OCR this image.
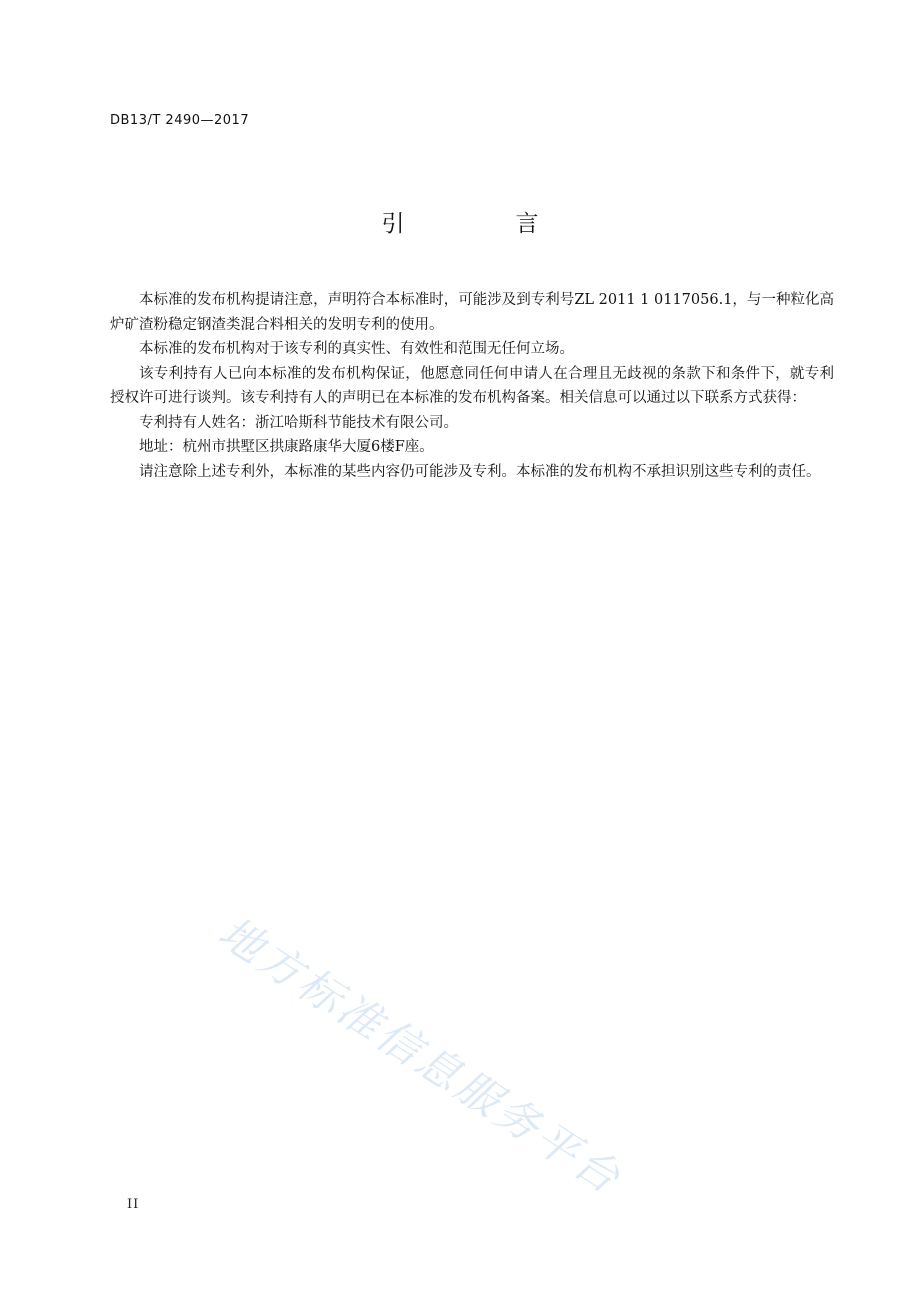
地方标准信息服务平台
DB13/T 2490—2017
引　言

本标准的发布机构提请注意，声明符合本标准时，可能涉及到专利号ZL 2011 1 0117056.1，与一种粒化高炉矿渣粉稳定钢渣类混合料相关的发明专利的使用。

本标准的发布机构对于该专利的真实性、有效性和范围无任何立场。

该专利持有人已向本标准的发布机构保证，他愿意同任何申请人在合理且无歧视的条款下和条件下，就专利授权许可进行谈判。该专利持有人的声明已在本标准的发布机构备案。相关信息可以通过以下联系方式获得：

专利持有人姓名：浙江哈斯科节能技术有限公司。

地址：杭州市拱墅区拱康路康华大厦6楼F座。

请注意除上述专利外，本标准的某些内容仍可能涉及专利。本标准的发布机构不承担识别这些专利的责任。

II
